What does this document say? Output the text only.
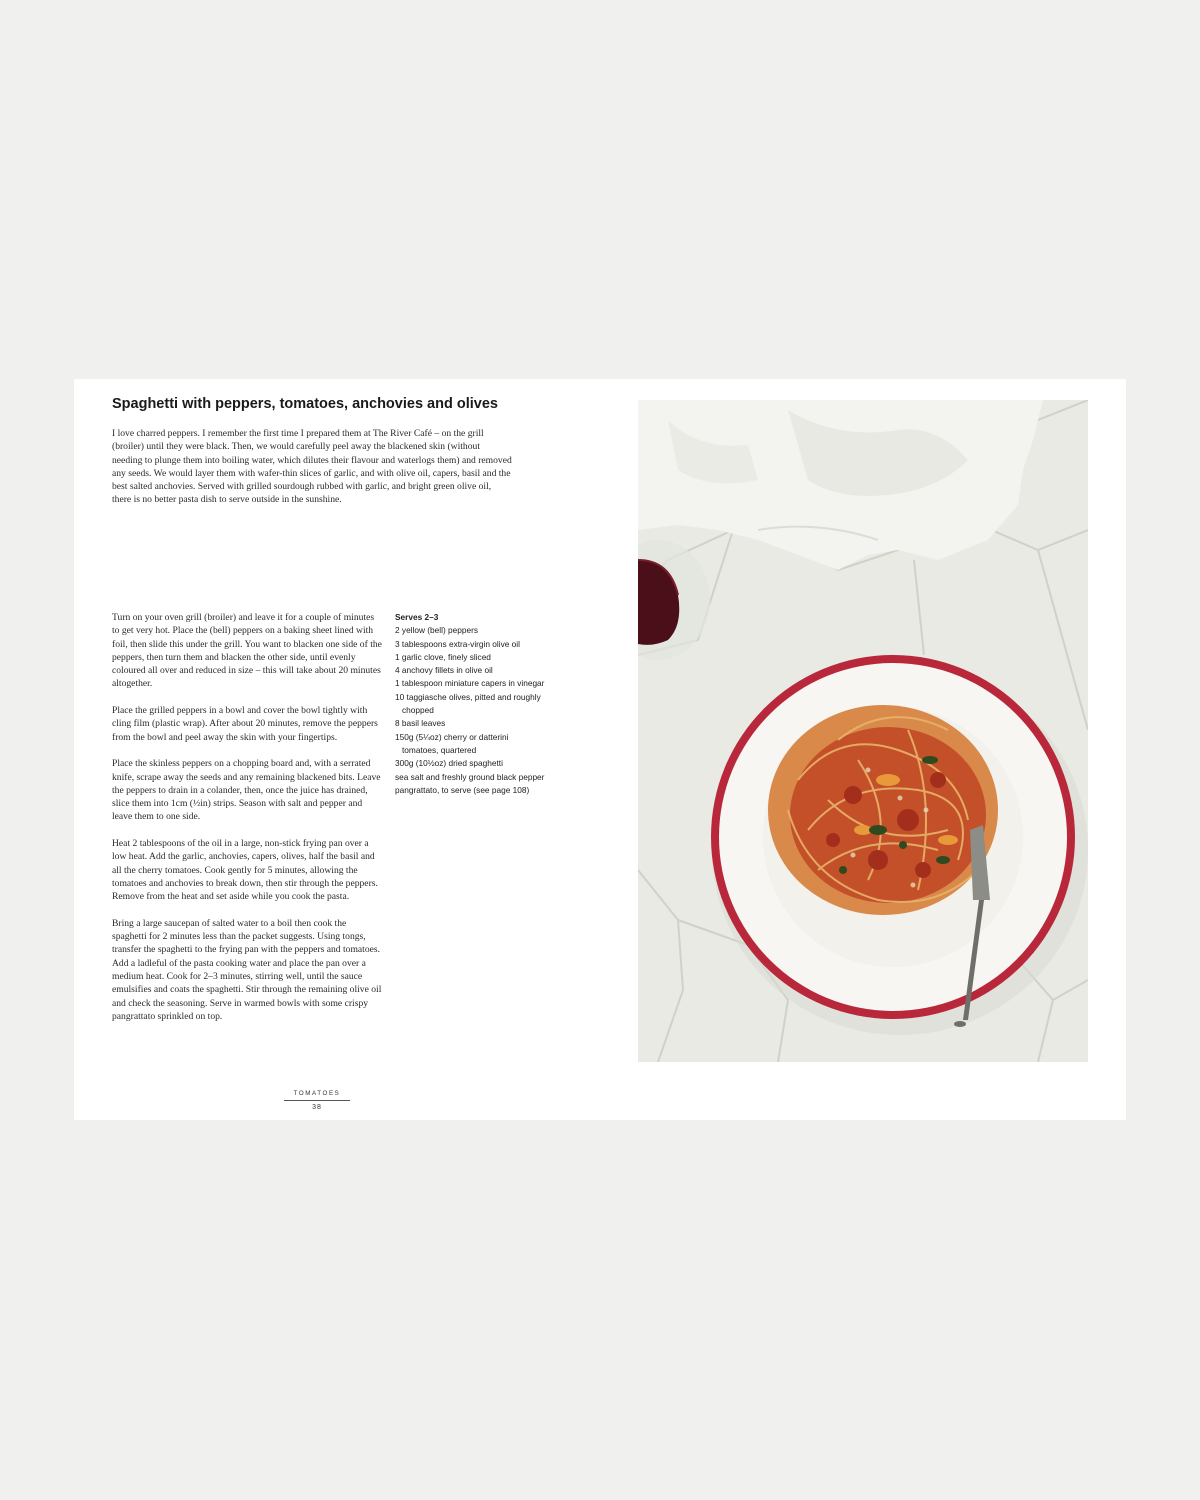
Spaghetti with peppers, tomatoes, anchovies and olives

I love charred peppers. I remember the first time I prepared them at The River Café – on the grill (broiler) until they were black. Then, we would carefully peel away the blackened skin (without needing to plunge them into boiling water, which dilutes their flavour and waterlogs them) and removed any seeds. We would layer them with wafer-thin slices of garlic, and with olive oil, capers, basil and the best salted anchovies. Served with grilled sourdough rubbed with garlic, and bright green olive oil, there is no better pasta dish to serve outside in the sunshine.

Turn on your oven grill (broiler) and leave it for a couple of minutes to get very hot. Place the (bell) peppers on a baking sheet lined with foil, then slide this under the grill. You want to blacken one side of the peppers, then turn them and blacken the other side, until evenly coloured all over and reduced in size – this will take about 20 minutes altogether.

Place the grilled peppers in a bowl and cover the bowl tightly with cling film (plastic wrap). After about 20 minutes, remove the peppers from the bowl and peel away the skin with your fingertips.

Place the skinless peppers on a chopping board and, with a serrated knife, scrape away the seeds and any remaining blackened bits. Leave the peppers to drain in a colander, then, once the juice has drained, slice them into 1cm (½in) strips. Season with salt and pepper and leave them to one side.

Heat 2 tablespoons of the oil in a large, non-stick frying pan over a low heat. Add the garlic, anchovies, capers, olives, half the basil and all the cherry tomatoes. Cook gently for 5 minutes, allowing the tomatoes and anchovies to break down, then stir through the peppers. Remove from the heat and set aside while you cook the pasta.

Bring a large saucepan of salted water to a boil then cook the spaghetti for 2 minutes less than the packet suggests. Using tongs, transfer the spaghetti to the frying pan with the peppers and tomatoes. Add a ladleful of the pasta cooking water and place the pan over a medium heat. Cook for 2–3 minutes, stirring well, until the sauce emulsifies and coats the spaghetti. Stir through the remaining olive oil and check the seasoning. Serve in warmed bowls with some crispy pangrattato sprinkled on top.

Serves 2–3
2 yellow (bell) peppers
3 tablespoons extra-virgin olive oil
1 garlic clove, finely sliced
4 anchovy fillets in olive oil
1 tablespoon miniature capers in vinegar
10 taggiasche olives, pitted and roughly chopped
8 basil leaves
150g (5¼oz) cherry or datterini tomatoes, quartered
300g (10½oz) dried spaghetti
sea salt and freshly ground black pepper
pangrattato, to serve (see page 108)
TOMATOES
38
